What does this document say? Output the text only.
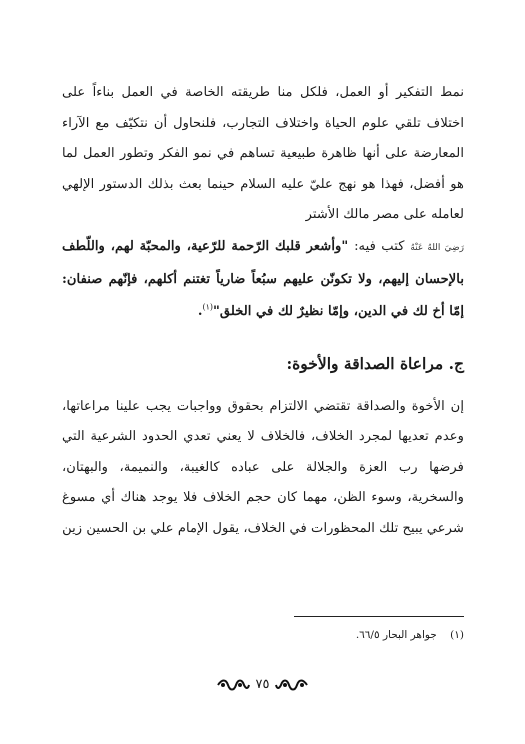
نمط التفكير أو العمل، فلكل منا طريقته الخاصة في العمل بناءاً على اختلاف تلقي علوم الحياة واختلاف التجارب، فلنحاول أن نتكيّف مع الآراء المعارضة على أنها ظاهرة طبيعية تساهم في نمو الفكر وتطور العمل لما هو أفضل، فهذا هو نهج عليّ عليه السلام حينما بعث بذلك الدستور الإلهي لعامله على مصر مالك الأشتر

رَضِيَ اللهُ عَنْهُ كتب فيه: "وأشعر قلبك الرّحمة للرّعية، والمحبّة لهم، واللّطف بالإحسان إليهم، ولا تكونّن عليهم سبُعاً ضارياً تغتنم أكلهم، فإنّهم صنفان: إمّا أخ لك في الدين، وإمّا نظيرٌ لك في الخلق"$^{(١)}$.

ج. مراعاة الصداقة والأخوة:

إن الأخوة والصداقة تقتضي الالتزام بحقوق وواجبات يجب علينا مراعاتها، وعدم تعديها لمجرد الخلاف، فالخلاف لا يعني تعدي الحدود الشرعية التي فرضها رب العزة والجلالة على عباده كالغيبة، والنميمة، والبهتان، والسخرية، وسوء الظن، مهما كان حجم الخلاف فلا يوجد هناك أي مسوغ شرعي يبيح تلك المحظورات في الخلاف، يقول الإمام علي بن الحسين زين

(١) جواهر البحار ٦٦/٥.
٧٥
